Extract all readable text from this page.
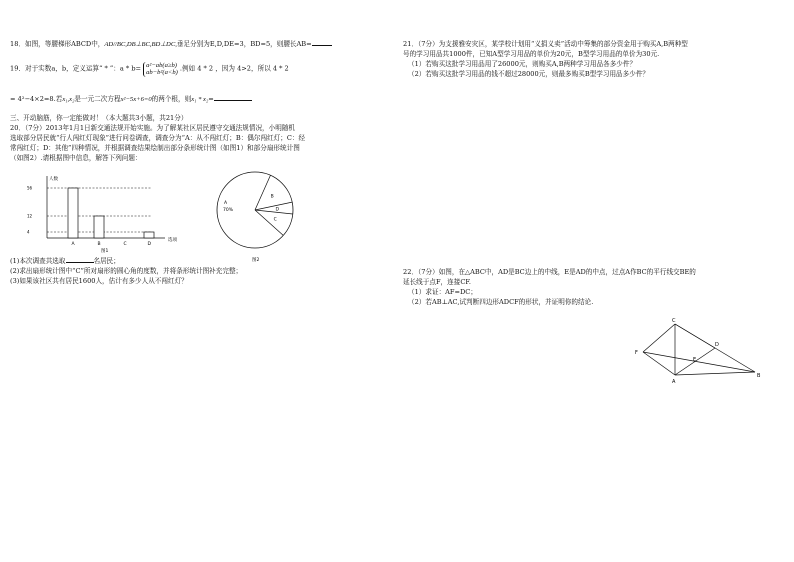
18．如图，等腰梯形ABCD中，AD//BC,DB⊥BC,BD⊥DC,垂足分别为E,D,DE=3，BD=5，则腰长AB=
19．对于实数a，b，定义运算“ * ”：a * b= a²−ab(a≥b)
ab−b²(a<b).例如 4 * 2 ，因为 4>2，所以 4 * 2
= 4²−4×2=8.若x₁,x₂是一元二次方程x²−5x+6=0的两个根，则x₁ * x₂=
三、开动脑筋，你一定能做对！（本大题共3小题，共21分）
20．（7分）2013年1月1日新交通法规开始实施。为了解某社区居民遵守交通法规情况，小明随机
选取部分居民就“行人闯红灯现象”进行问卷调查，调查分为“A：从不闯红灯；B：偶尔闯红灯；C：经
常闯红灯；D：其他”四种情况，并根据调查结果绘制出部分条形统计图（如图1）和部分扇形统计图
（如图2）.请根据图中信息，解答下列问题：
人数
选项
56
12
4
A	B	C	D
图1
B
D
C
A
70%
图2
(1)本次调查共选取	名居民；
(2)求出扇形统计图中“C”所对扇形的圆心角的度数，并将条形统计图补充完整；
(3)如果该社区共有居民1600人，估计有多少人从不闯红灯？
21．（7分）为支援雅安灾区，某学校计划用“义捐义卖”活动中筹集的部分资金用于购买A,B两种型
号的学习用品共1000件，已知A型学习用品的单价为20元，B型学习用品的单价为30元.
（1）若购买这批学习用品用了26000元，则购买A,B两种学习用品各多少件？
（2）若购买这批学习用品的钱不超过28000元，则最多购买B型学习用品多少件？
22．（7分）如图，在△ABC中，AD是BC边上的中线，E是AD的中点，过点A作BC的平行线交BE的
延长线于点F，连接CF.
（1）求证：AF=DC；
（2）若AB⊥AC,试判断四边形ADCF的形状，并证明你的结论.
C
F
E
D
A
B
